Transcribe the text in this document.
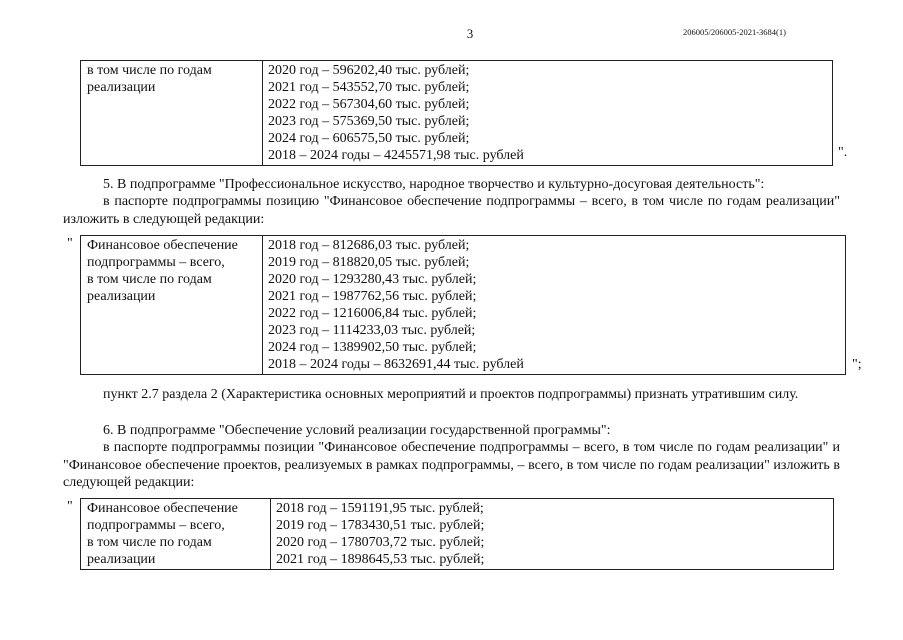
3	206005/206005-2021-3684(1)
в том числе по годам
реализации

2020 год – 596202,40 тыс. рублей;
2021 год – 543552,70 тыс. рублей;
2022 год – 567304,60 тыс. рублей;
2023 год – 575369,50 тыс. рублей;
2024 год – 606575,50 тыс. рублей;
2018 – 2024 годы – 4245571,98 тыс. рублей	".
5. В подпрограмме "Профессиональное искусство, народное творчество и культурно-досуговая деятельность":
в паспорте подпрограммы позицию "Финансовое обеспечение подпрограммы – всего, в том числе по годам реализации" изложить в следующей редакции:
" Финансовое обеспечение
подпрограммы – всего,
в том числе по годам
реализации

2018 год – 812686,03 тыс. рублей;
2019 год – 818820,05 тыс. рублей;
2020 год – 1293280,43 тыс. рублей;
2021 год – 1987762,56 тыс. рублей;
2022 год – 1216006,84 тыс. рублей;
2023 год – 1114233,03 тыс. рублей;
2024 год – 1389902,50 тыс. рублей;
2018 – 2024 годы – 8632691,44 тыс. рублей	";
пункт 2.7 раздела 2 (Характеристика основных мероприятий и проектов подпрограммы) признать утратившим силу.
6. В подпрограмме "Обеспечение условий реализации государственной программы":
в паспорте подпрограммы позиции "Финансовое обеспечение подпрограммы – всего, в том числе по годам реализации" и "Финансовое обеспечение проектов, реализуемых в рамках подпрограммы, – всего, в том числе по годам реализации" изложить в следующей редакции:
" Финансовое обеспечение
подпрограммы – всего,
в том числе по годам
реализации

2018 год – 1591191,95 тыс. рублей;
2019 год – 1783430,51 тыс. рублей;
2020 год – 1780703,72 тыс. рублей;
2021 год – 1898645,53 тыс. рублей;
